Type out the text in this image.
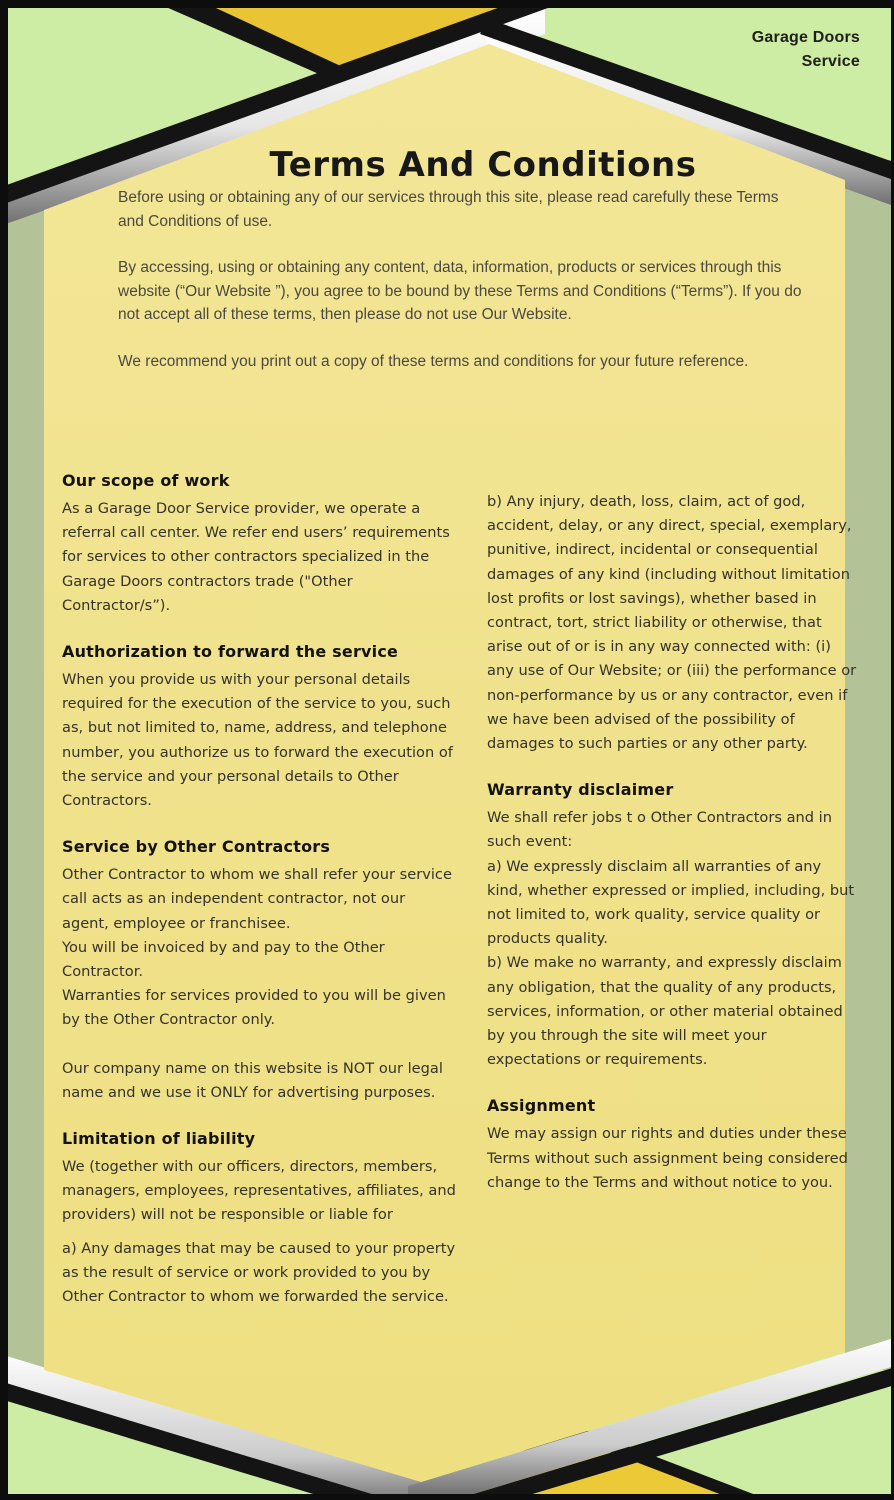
Garage Doors
Service
Terms And Conditions

Before using or obtaining any of our services through this site, please read carefully these Terms and Conditions of use.

By accessing, using or obtaining any content, data, information, products or services through this website (“Our Website ”), you agree to be bound by these Terms and Conditions (“Terms”). If you do not accept all of these terms, then please do not use Our Website.

We recommend you print out a copy of these terms and conditions for your future reference.

Our scope of work

As a Garage Door Service provider, we operate a referral call center. We refer end users’ requirements for services to other contractors specialized in the Garage Doors contractors trade ("Other Contractor/s”).

Authorization to forward the service

When you provide us with your personal details required for the execution of the service to you, such as, but not limited to, name, address, and telephone number, you authorize us to forward the execution of the service and your personal details to Other Contractors.

Service by Other Contractors

Other Contractor to whom we shall refer your service call acts as an independent contractor, not our agent, employee or franchisee.

You will be invoiced by and pay to the Other Contractor.

Warranties for services provided to you will be given by the Other Contractor only.

Our company name on this website is NOT our legal name and we use it ONLY for advertising purposes.

Limitation of liability

We (together with our officers, directors, members, managers, employees, representatives, affiliates, and providers) will not be responsible or liable for

a) Any damages that may be caused to your property as the result of service or work provided to you by Other Contractor to whom we forwarded the service.

b) Any injury, death, loss, claim, act of god, accident, delay, or any direct, special, exemplary, punitive, indirect, incidental or consequential damages of any kind (including without limitation lost profits or lost savings), whether based in contract, tort, strict liability or otherwise, that arise out of or is in any way connected with: (i) any use of Our Website; or (iii) the performance or non-performance by us or any contractor, even if we have been advised of the possibility of damages to such parties or any other party.

Warranty disclaimer

We shall refer jobs t o Other Contractors and in such event:

a) We expressly disclaim all warranties of any kind, whether expressed or implied, including, but not limited to, work quality, service quality or products quality.

b) We make no warranty, and expressly disclaim any obligation, that the quality of any products, services, information, or other material obtained by you through the site will meet your expectations or requirements.

Assignment

We may assign our rights and duties under these Terms without such assignment being considered change to the Terms and without notice to you.
